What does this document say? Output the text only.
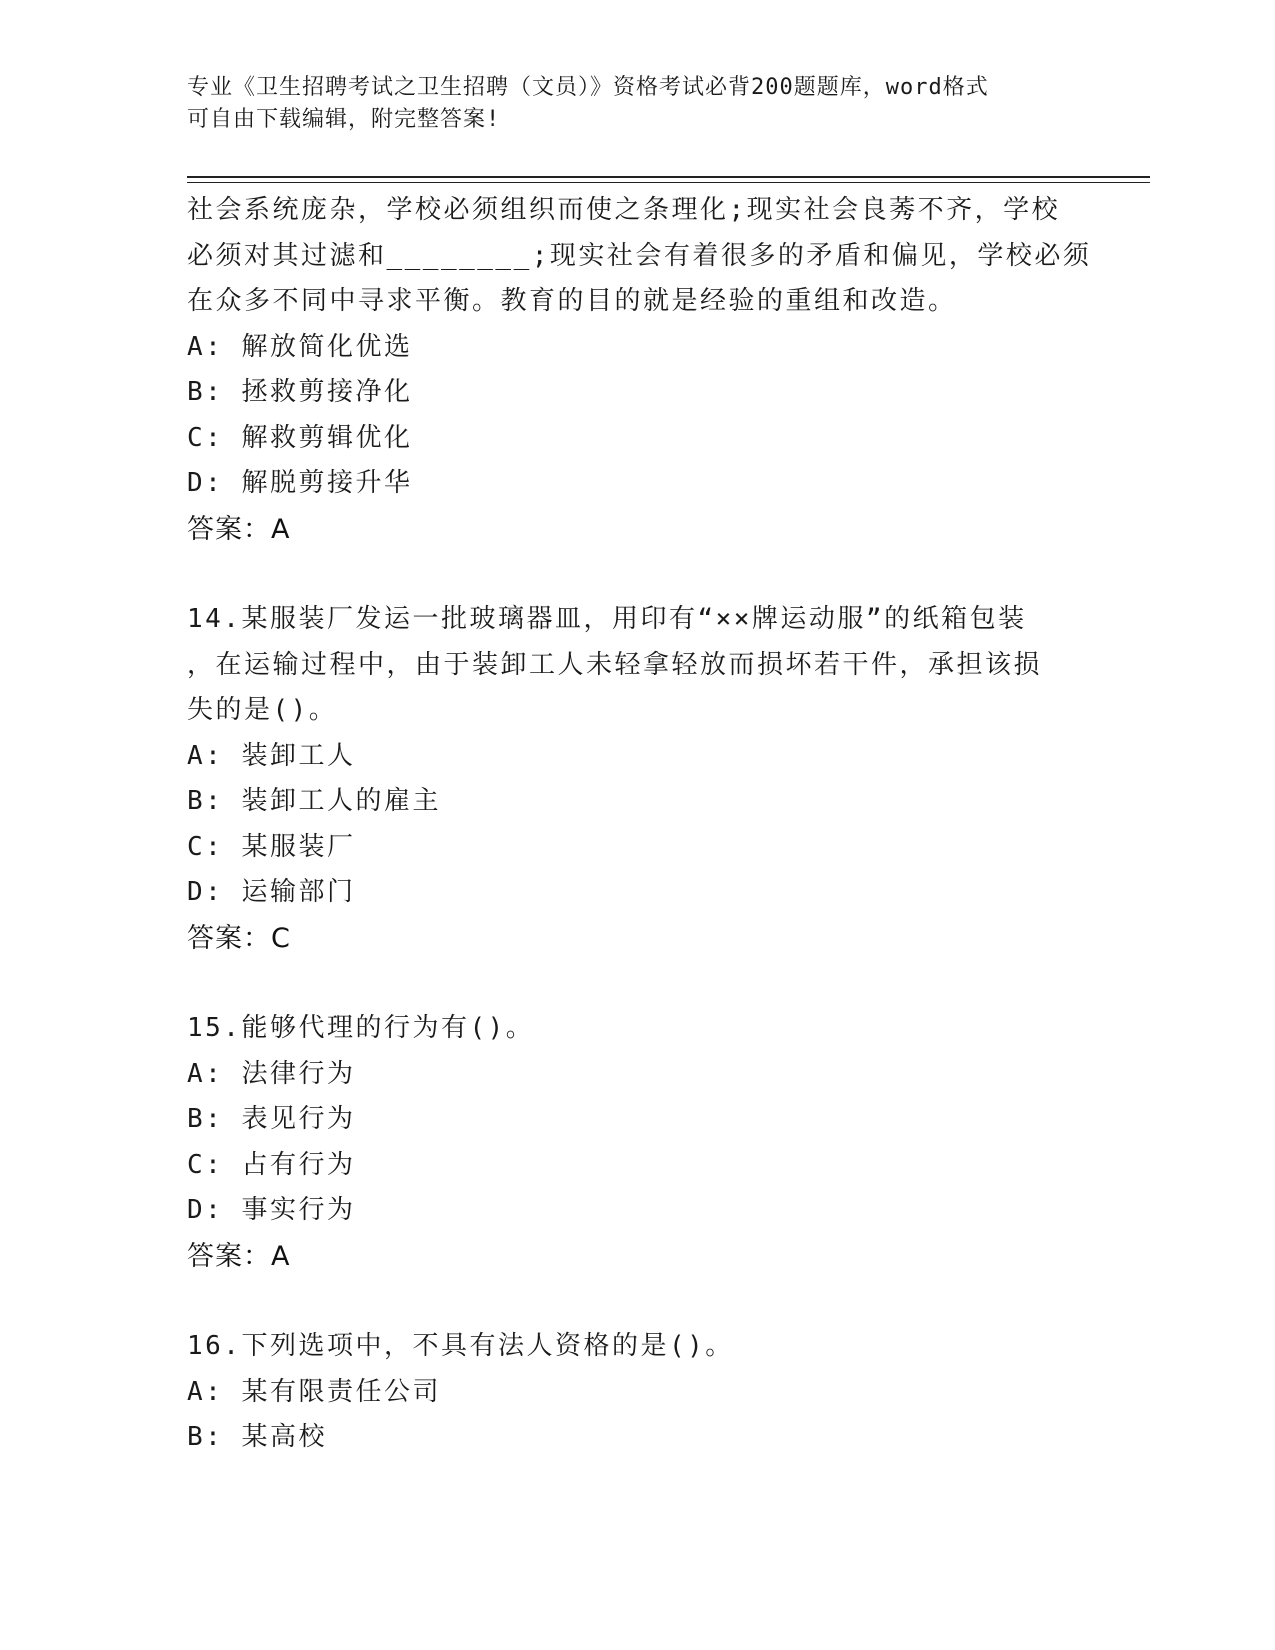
专业《卫生招聘考试之卫生招聘（文员）》资格考试必背200题题库，word格式
可自由下载编辑，附完整答案!
社会系统庞杂，学校必须组织而使之条理化;现实社会良莠不齐，学校
必须对其过滤和________;现实社会有着很多的矛盾和偏见，学校必须
在众多不同中寻求平衡。教育的目的就是经验的重组和改造。
A: 解放简化优选
B: 拯救剪接净化
C: 解救剪辑优化
D: 解脱剪接升华
答案：A
14.某服装厂发运一批玻璃器皿，用印有“××牌运动服”的纸箱包装
，在运输过程中，由于装卸工人未轻拿轻放而损坏若干件，承担该损
失的是()。
A: 装卸工人
B: 装卸工人的雇主
C: 某服装厂
D: 运输部门
答案：C
15.能够代理的行为有()。
A: 法律行为
B: 表见行为
C: 占有行为
D: 事实行为
答案：A
16.下列选项中，不具有法人资格的是()。
A: 某有限责任公司
B: 某高校
